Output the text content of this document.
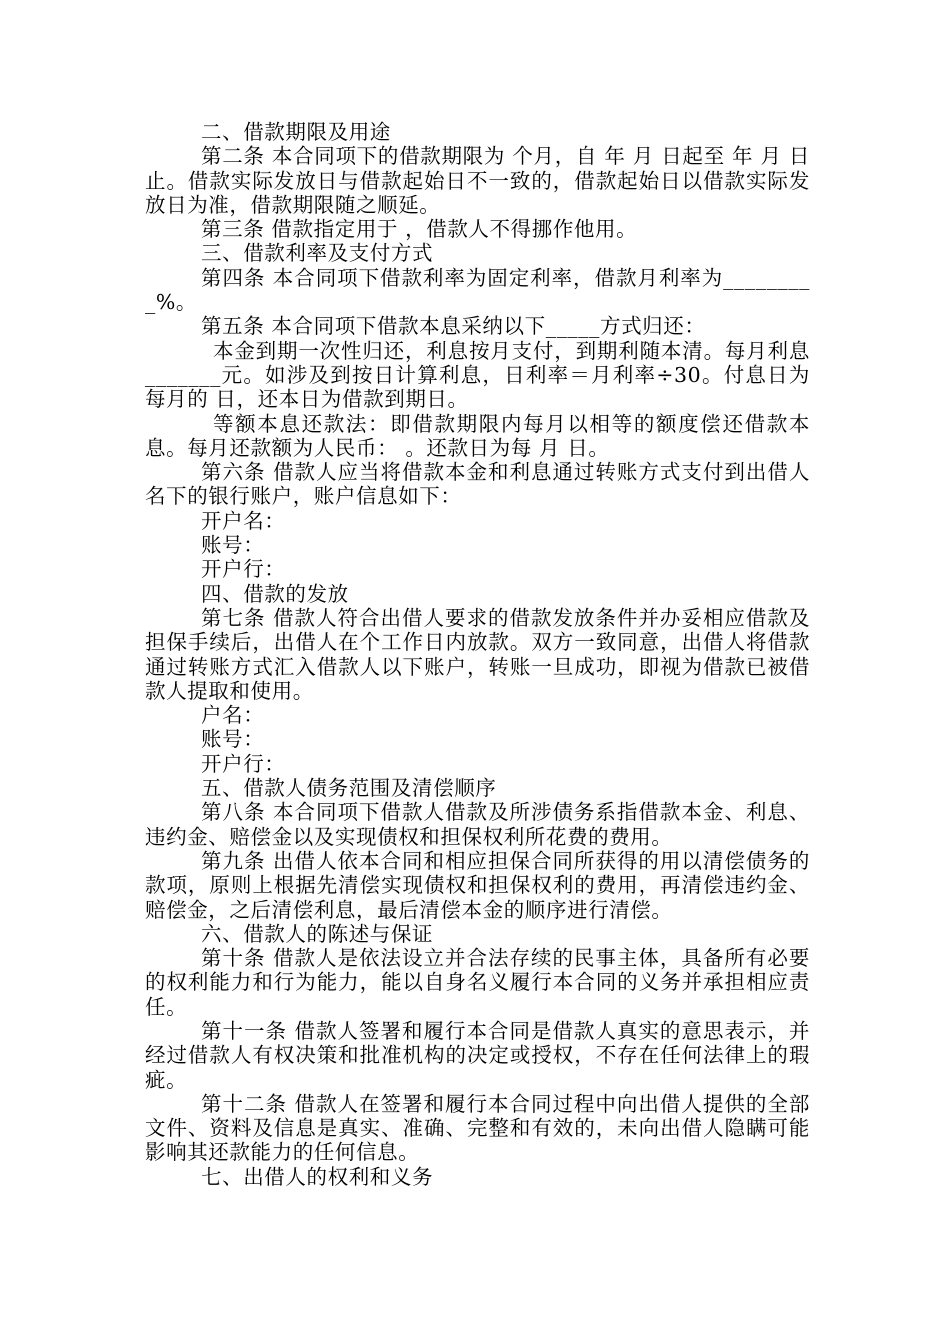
二、借款期限及用途

第二条 本合同项下的借款期限为 个月，自 年 月 日起至 年 月 日止。借款实际发放日与借款起始日不一致的，借款起始日以借款实际发放日为准，借款期限随之顺延。

第三条 借款指定用于 ，借款人不得挪作他用。

三、借款利率及支付方式

第四条 本合同项下借款利率为固定利率，借款月利率为_________%。

第五条 本合同项下借款本息采纳以下_____方式归还：

本金到期一次性归还，利息按月支付，到期利随本清。每月利息_______元。如涉及到按日计算利息，日利率＝月利率÷30。付息日为每月的 日，还本日为借款到期日。

等额本息还款法：即借款期限内每月以相等的额度偿还借款本息。每月还款额为人民币： 。还款日为每 月 日。

第六条 借款人应当将借款本金和利息通过转账方式支付到出借人名下的银行账户，账户信息如下：

开户名：

账号：

开户行：

四、借款的发放

第七条 借款人符合出借人要求的借款发放条件并办妥相应借款及担保手续后，出借人在个工作日内放款。双方一致同意，出借人将借款通过转账方式汇入借款人以下账户，转账一旦成功，即视为借款已被借款人提取和使用。

户名：

账号：

开户行：

五、借款人债务范围及清偿顺序

第八条 本合同项下借款人借款及所涉债务系指借款本金、利息、违约金、赔偿金以及实现债权和担保权利所花费的费用。

第九条 出借人依本合同和相应担保合同所获得的用以清偿债务的款项，原则上根据先清偿实现债权和担保权利的费用，再清偿违约金、赔偿金，之后清偿利息，最后清偿本金的顺序进行清偿。

六、借款人的陈述与保证

第十条 借款人是依法设立并合法存续的民事主体，具备所有必要的权利能力和行为能力，能以自身名义履行本合同的义务并承担相应责任。

第十一条 借款人签署和履行本合同是借款人真实的意思表示，并经过借款人有权决策和批准机构的决定或授权，不存在任何法律上的瑕疵。

第十二条 借款人在签署和履行本合同过程中向出借人提供的全部文件、资料及信息是真实、准确、完整和有效的，未向出借人隐瞒可能影响其还款能力的任何信息。

七、出借人的权利和义务
